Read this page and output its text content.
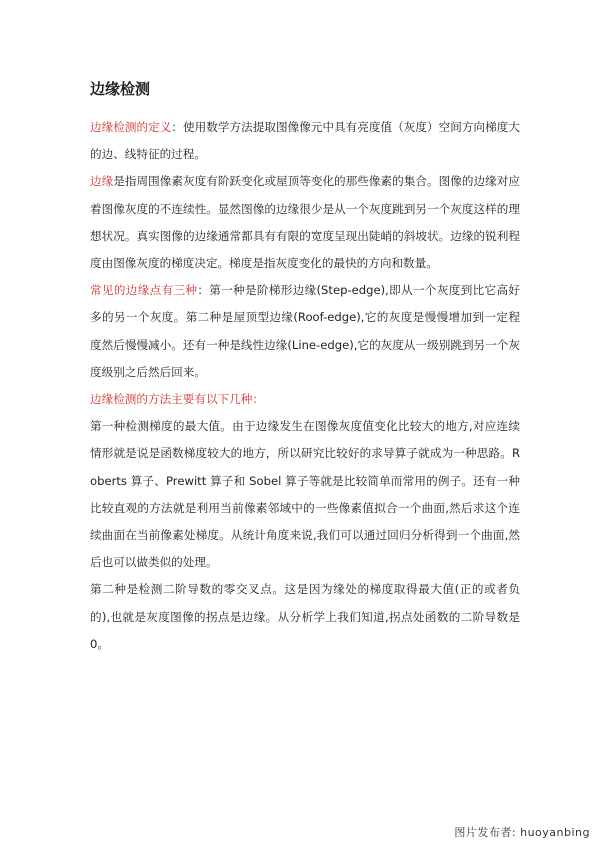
边缘检测

边缘检测的定义：使用数学方法提取图像像元中具有亮度值（灰度）空间方向梯度大的边、线特征的过程。

边缘是指周围像素灰度有阶跃变化或屋顶等变化的那些像素的集合。图像的边缘对应着图像灰度的不连续性。显然图像的边缘很少是从一个灰度跳到另一个灰度这样的理想状况。真实图像的边缘通常都具有有限的宽度呈现出陡峭的斜坡状。边缘的锐利程度由图像灰度的梯度决定。梯度是指灰度变化的最快的方向和数量。

常见的边缘点有三种：第一种是阶梯形边缘(Step-edge),即从一个灰度到比它高好多的另一个灰度。第二种是屋顶型边缘(Roof-edge),它的灰度是慢慢增加到一定程度然后慢慢减小。还有一种是线性边缘(Line-edge),它的灰度从一级别跳到另一个灰度级别之后然后回来。

边缘检测的方法主要有以下几种：

第一种检测梯度的最大值。由于边缘发生在图像灰度值变化比较大的地方,对应连续情形就是说是函数梯度较大的地方，所以研究比较好的求导算子就成为一种思路。Roberts 算子、Prewitt 算子和 Sobel 算子等就是比较简单而常用的例子。还有一种比较直观的方法就是利用当前像素邻域中的一些像素值拟合一个曲面,然后求这个连续曲面在当前像素处梯度。从统计角度来说,我们可以通过回归分析得到一个曲面,然后也可以做类似的处理。

第二种是检测二阶导数的零交叉点。这是因为缘处的梯度取得最大值(正的或者负的),也就是灰度图像的拐点是边缘。从分析学上我们知道,拐点处函数的二阶导数是 0。

图片发布者: huoyanbing
